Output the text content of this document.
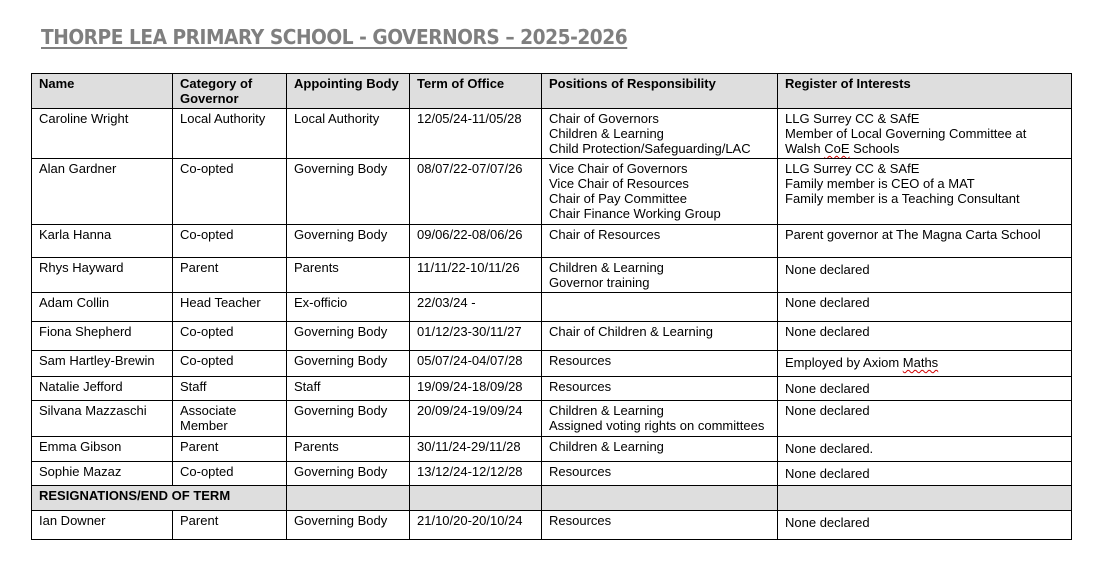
THORPE LEA PRIMARY SCHOOL - GOVERNORS – 2025-2026
Name	Category of Governor	Appointing Body	Term of Office	Positions of Responsibility	Register of Interests
Caroline Wright	Local Authority	Local Authority	12/05/24-11/05/28	Chair of Governors
Children & Learning
Child Protection/Safeguarding/LAC	LLG Surrey CC & SAfE
Member of Local Governing Committee at
Walsh CoE Schools

Alan Gardner	Co-opted	Governing Body	08/07/22-07/07/26	Vice Chair of Governors
Vice Chair of Resources
Chair of Pay Committee
Chair Finance Working Group	LLG Surrey CC & SAfE
Family member is CEO of a MAT
Family member is a Teaching Consultant

Karla Hanna	Co-opted	Governing Body	09/06/22-08/06/26	Chair of Resources	Parent governor at The Magna Carta School

Rhys Hayward	Parent	Parents	11/11/22-10/11/26	Children & Learning
Governor training	None declared

Adam Collin	Head Teacher	Ex-officio	22/03/24 -		None declared

Fiona Shepherd	Co-opted	Governing Body	01/12/23-30/11/27	Chair of Children & Learning	None declared

Sam Hartley-Brewin	Co-opted	Governing Body	05/07/24-04/07/28	Resources	Employed by Axiom Maths

Natalie Jefford	Staff	Staff	19/09/24-18/09/28	Resources	None declared

Silvana Mazzaschi	Associate Member	Governing Body	20/09/24-19/09/24	Children & Learning
Assigned voting rights on committees	None declared

Emma Gibson	Parent	Parents	30/11/24-29/11/28	Children & Learning	None declared.

Sophie Mazaz	Co-opted	Governing Body	13/12/24-12/12/28	Resources	None declared

RESIGNATIONS/END OF TERM					
Ian Downer	Parent	Governing Body	21/10/20-20/10/24	Resources	None declared
